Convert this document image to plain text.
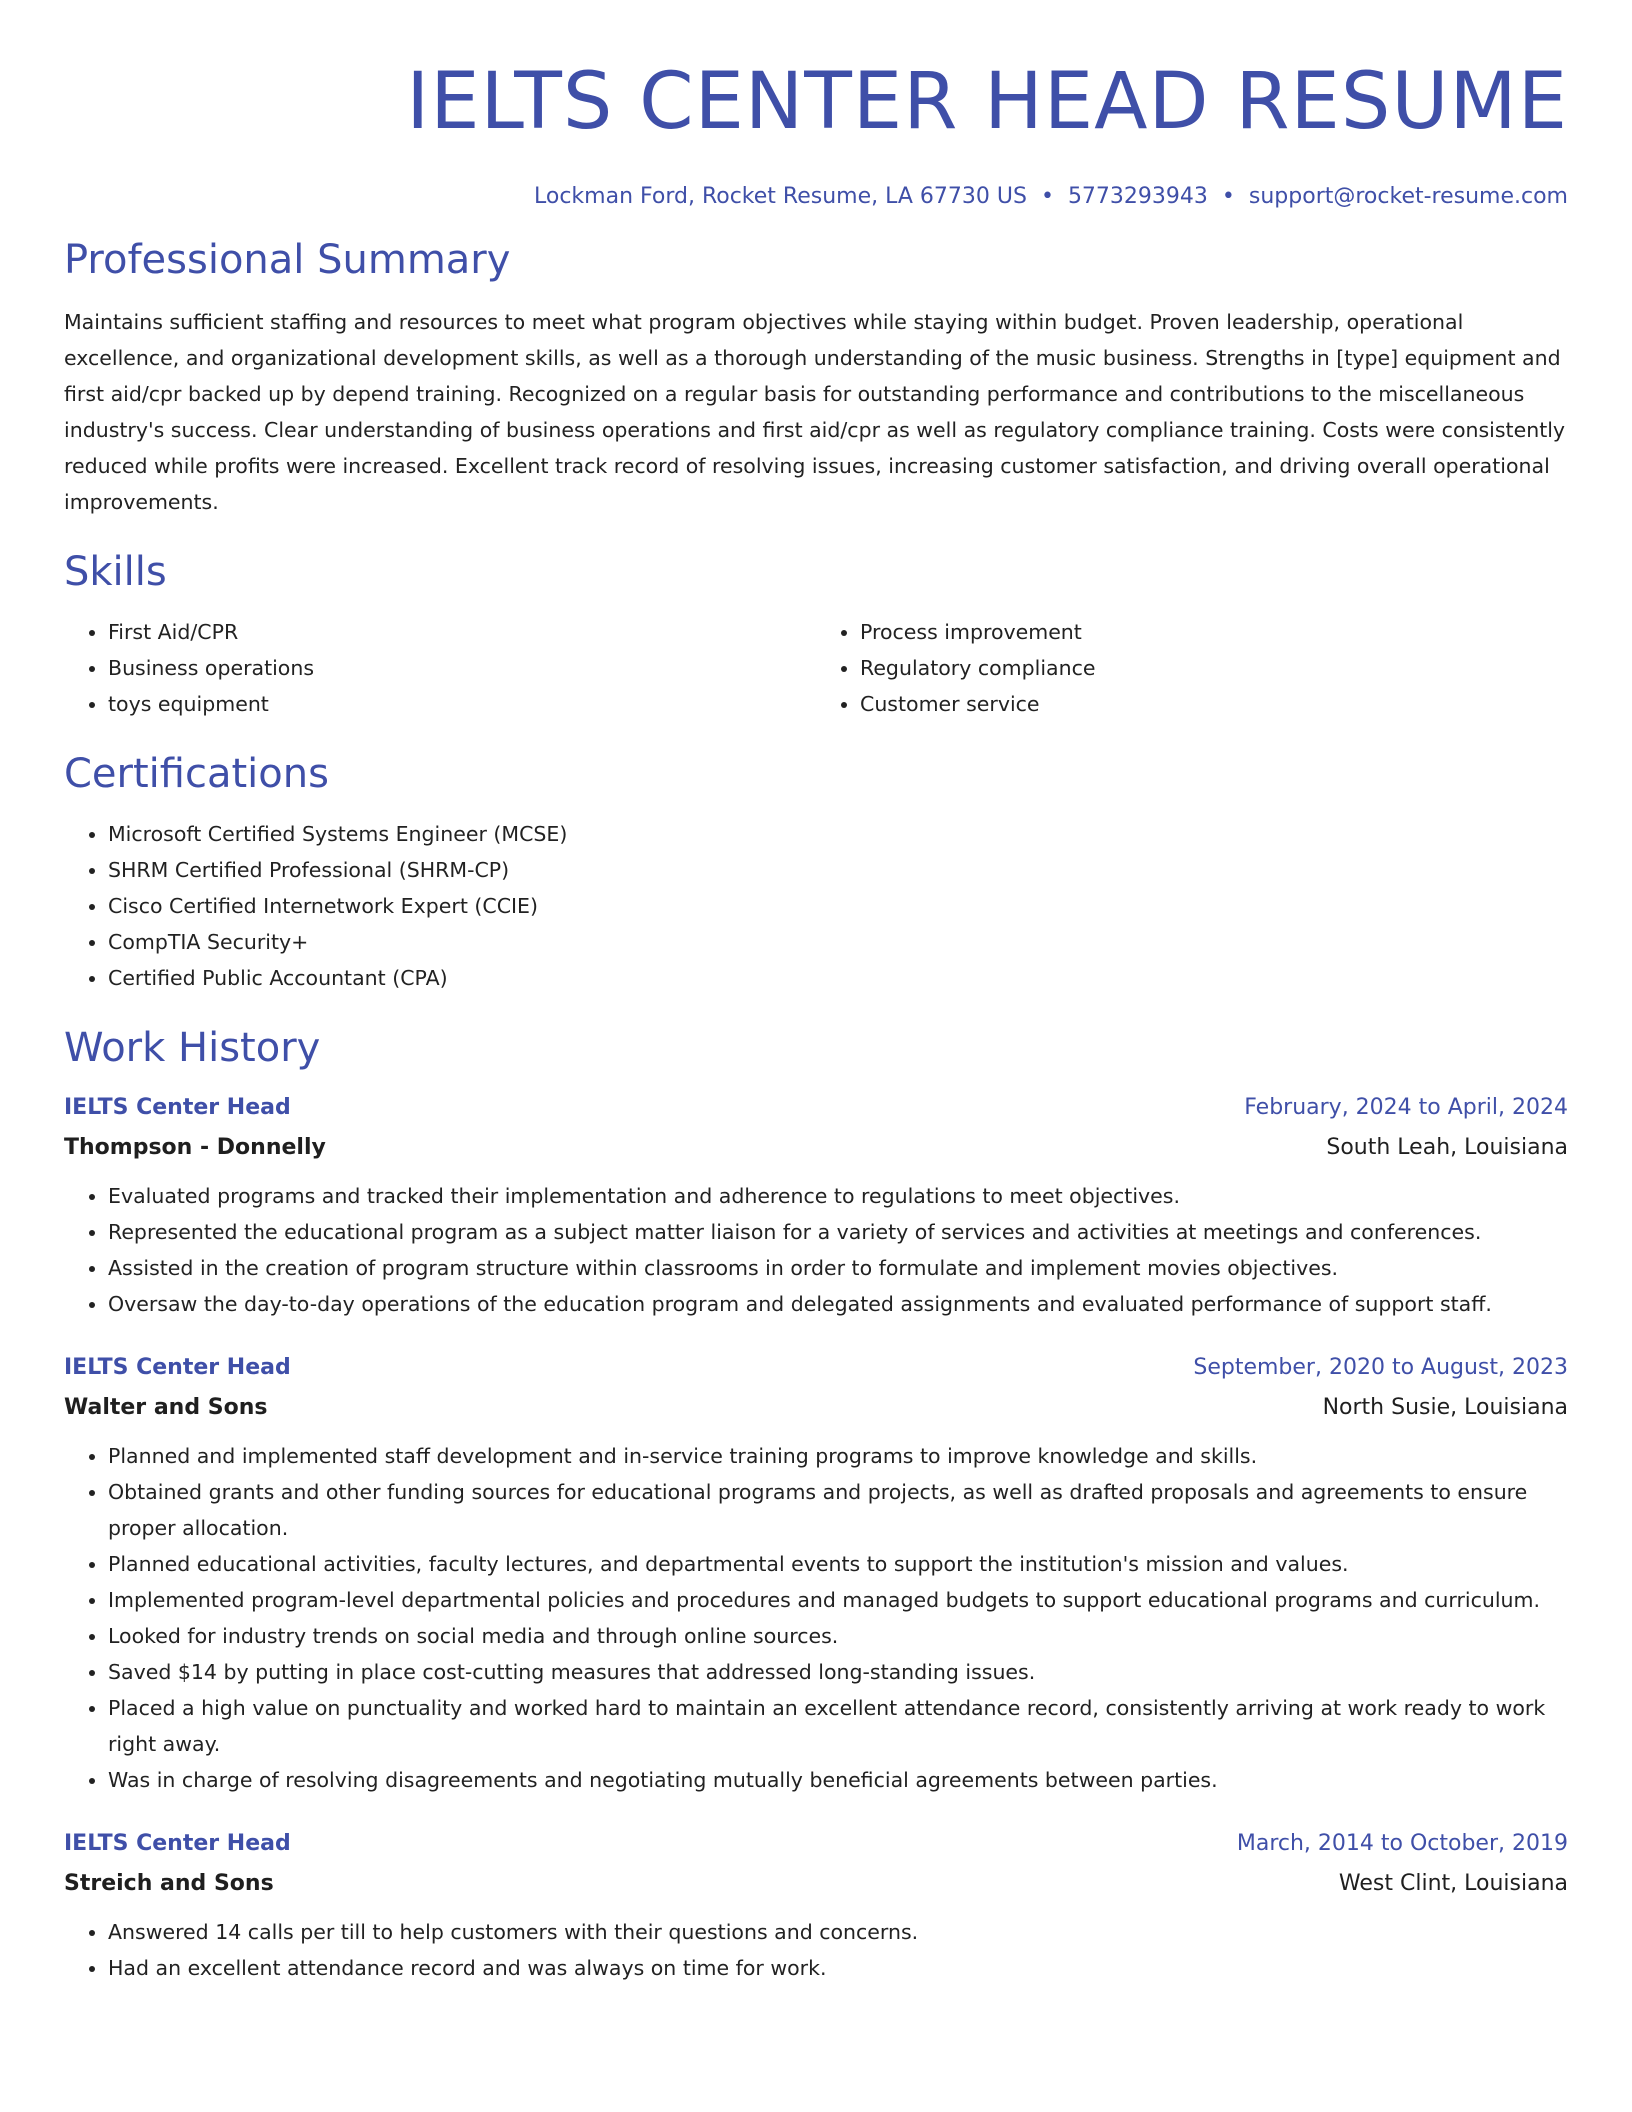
IELTS CENTER HEAD RESUME
Lockman Ford, Rocket Resume, LA 67730 US • 5773293943 • support@rocket-resume.com
Professional Summary

Maintains sufficient staffing and resources to meet what program objectives while staying within budget. Proven leadership, operational excellence, and organizational development skills, as well as a thorough understanding of the music business. Strengths in [type] equipment and first aid/cpr backed up by depend training. Recognized on a regular basis for outstanding performance and contributions to the miscellaneous industry's success. Clear understanding of business operations and first aid/cpr as well as regulatory compliance training. Costs were consistently reduced while profits were increased. Excellent track record of resolving issues, increasing customer satisfaction, and driving overall operational improvements.

Skills
• First Aid/CPR
• Business operations
• toys equipment
• Process improvement
• Regulatory compliance
• Customer service
Certifications
• Microsoft Certified Systems Engineer (MCSE)
• SHRM Certified Professional (SHRM-CP)
• Cisco Certified Internetwork Expert (CCIE)
• CompTIA Security+
• Certified Public Accountant (CPA)
Work History
IELTS Center Head	February, 2024 to April, 2024
Thompson - Donnelly	South Leah, Louisiana
• Evaluated programs and tracked their implementation and adherence to regulations to meet objectives.
• Represented the educational program as a subject matter liaison for a variety of services and activities at meetings and conferences.
• Assisted in the creation of program structure within classrooms in order to formulate and implement movies objectives.
• Oversaw the day-to-day operations of the education program and delegated assignments and evaluated performance of support staff.
IELTS Center Head	September, 2020 to August, 2023
Walter and Sons	North Susie, Louisiana
• Planned and implemented staff development and in-service training programs to improve knowledge and skills.
• Obtained grants and other funding sources for educational programs and projects, as well as drafted proposals and agreements to ensure proper allocation.
• Planned educational activities, faculty lectures, and departmental events to support the institution's mission and values.
• Implemented program-level departmental policies and procedures and managed budgets to support educational programs and curriculum.
• Looked for industry trends on social media and through online sources.
• Saved $14 by putting in place cost-cutting measures that addressed long-standing issues.
• Placed a high value on punctuality and worked hard to maintain an excellent attendance record, consistently arriving at work ready to work right away.
• Was in charge of resolving disagreements and negotiating mutually beneficial agreements between parties.
IELTS Center Head	March, 2014 to October, 2019
Streich and Sons	West Clint, Louisiana
• Answered 14 calls per till to help customers with their questions and concerns.
• Had an excellent attendance record and was always on time for work.
